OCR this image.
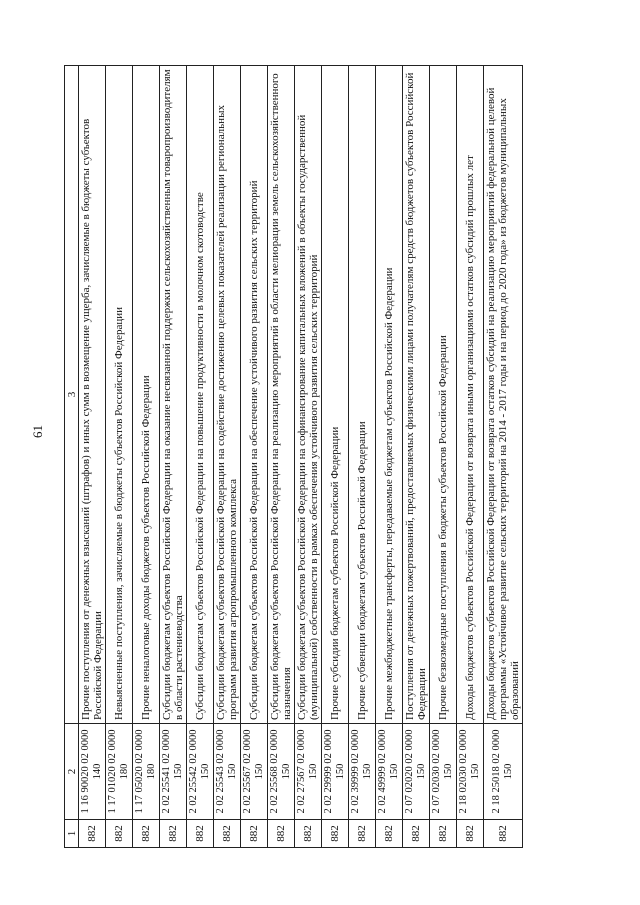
61
1	2	3
882	1 16 90020 02 0000 140	Прочие поступления от денежных взысканий (штрафов) и иных сумм в возмещение ущерба, зачисляемые в бюджеты субъектов Российской Федерации
882	1 17 01020 02 0000 180	Невыясненные поступления, зачисляемые в бюджеты субъектов Российской Федерации
882	1 17 05020 02 0000 180	Прочие неналоговые доходы бюджетов субъектов Российской Федерации
882	2 02 25541 02 0000 150	Субсидии бюджетам субъектов Российской Федерации на оказание несвязанной поддержки сельскохозяйственным товаропроизводителям в области растениеводства
882	2 02 25542 02 0000 150	Субсидии бюджетам субъектов Российской Федерации на повышение продуктивности в молочном скотоводстве
882	2 02 25543 02 0000 150	Субсидии бюджетам субъектов Российской Федерации на содействие достижению целевых показателей реализации региональных программ развития агропромышленного комплекса
882	2 02 25567 02 0000 150	Субсидии бюджетам субъектов Российской Федерации на обеспечение устойчивого развития сельских территорий
882	2 02 25568 02 0000 150	Субсидии бюджетам субъектов Российской Федерации на реализацию мероприятий в области мелиорации земель сельскохозяйственного назначения
882	2 02 27567 02 0000 150	Субсидии бюджетам субъектов Российской Федерации на софинансирование капитальных вложений в объекты государственной (муниципальной) собственности в рамках обеспечения устойчивого развития сельских территорий
882	2 02 29999 02 0000 150	Прочие субсидии бюджетам субъектов Российской Федерации
882	2 02 39999 02 0000 150	Прочие субвенции бюджетам субъектов Российской Федерации
882	2 02 49999 02 0000 150	Прочие межбюджетные трансферты, передаваемые бюджетам субъектов Российской Федерации
882	2 07 02020 02 0000 150	Поступления от денежных пожертвований, предоставляемых физическими лицами получателям средств бюджетов субъектов Российской Федерации
882	2 07 02030 02 0000 150	Прочие безвозмездные поступления в бюджеты субъектов Российской Федерации
882	2 18 02030 02 0000 150	Доходы бюджетов субъектов Российской Федерации от возврата иными организациями остатков субсидий прошлых лет
882	2 18 25018 02 0000 150	Доходы бюджетов субъектов Российской Федерации от возврата остатков субсидий на реализацию мероприятий федеральной целевой программы «Устойчивое развитие сельских территорий на 2014 - 2017 годы и на период до 2020 года» из бюджетов муниципальных образований
